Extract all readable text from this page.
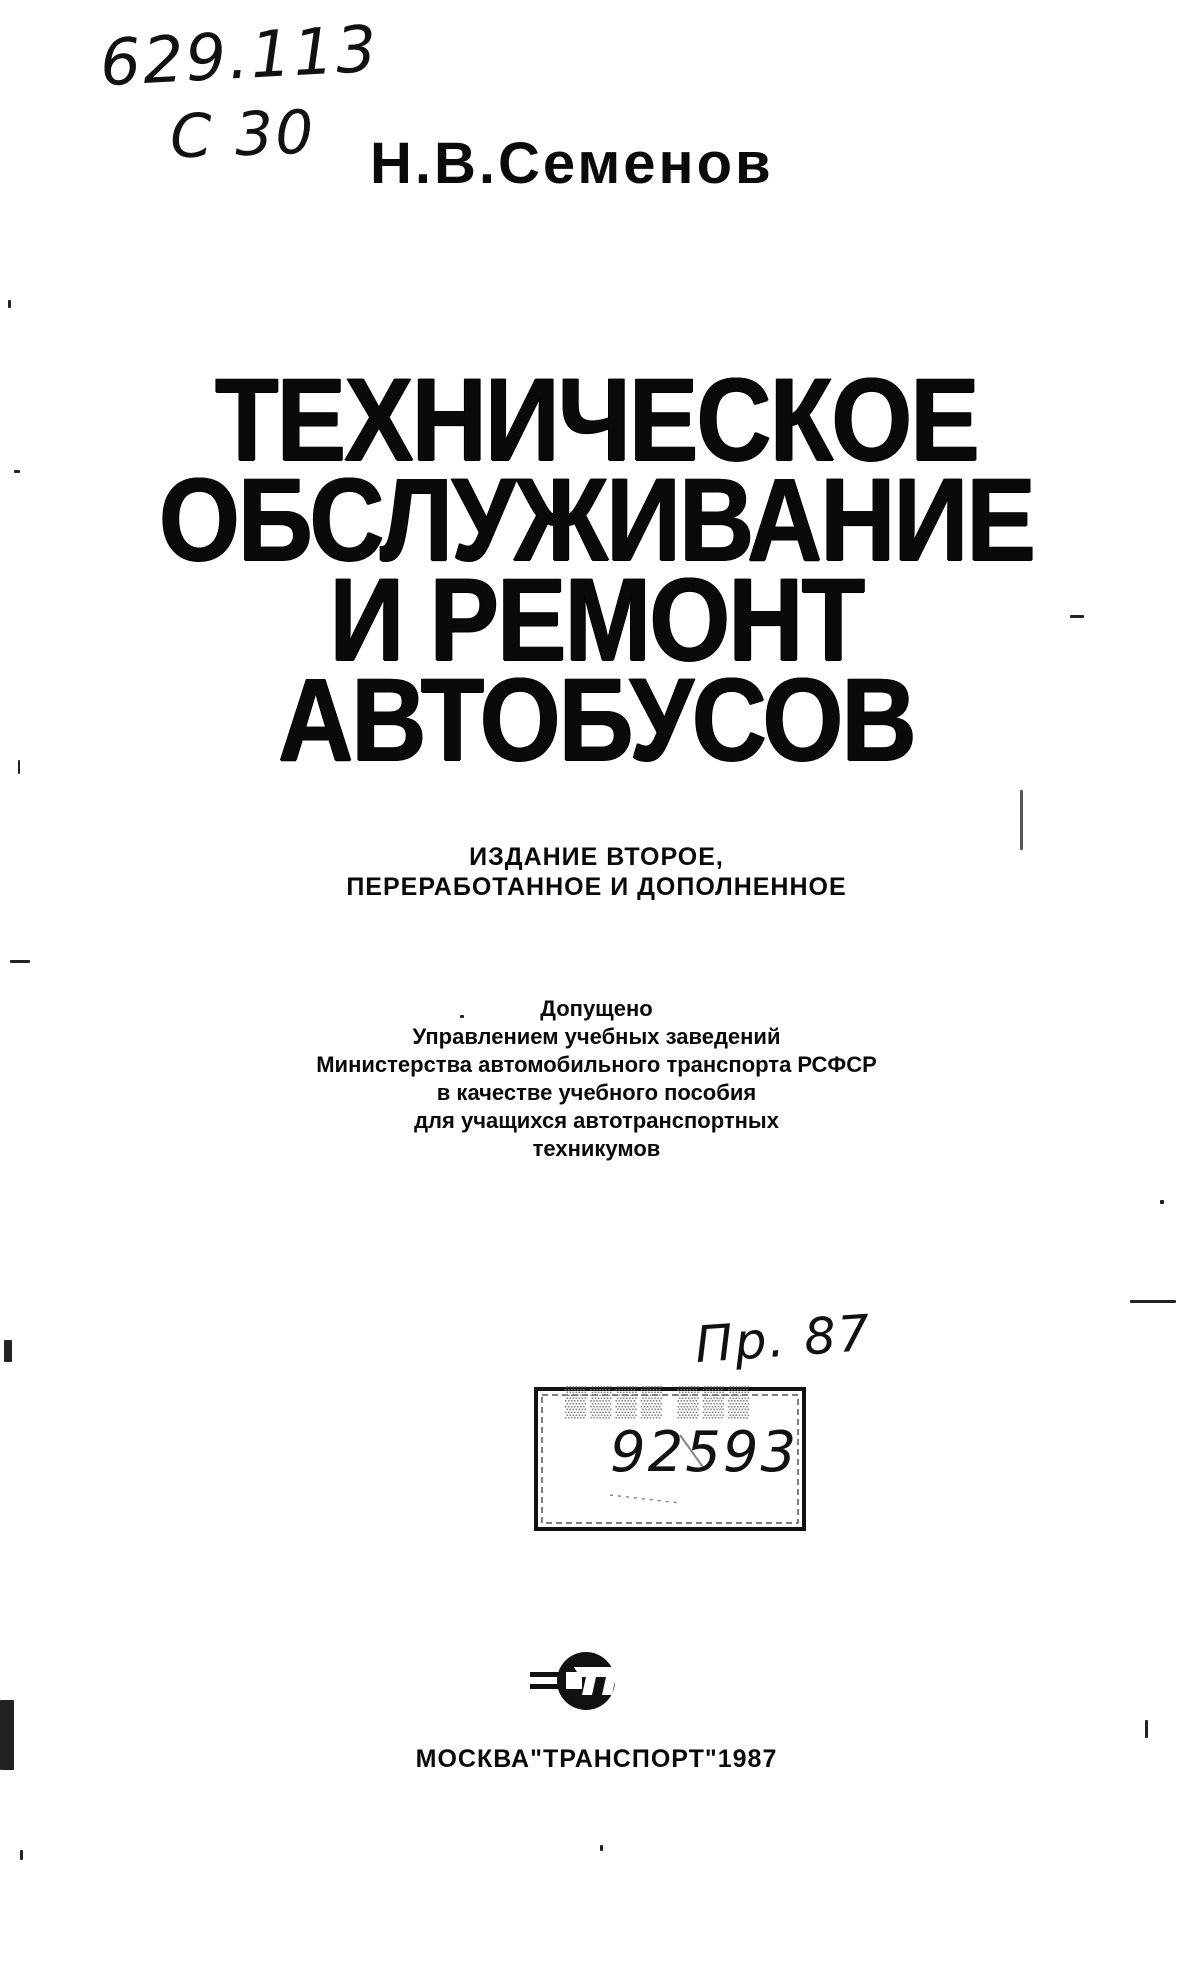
629.113
C 30 Н.В.Семенов
ТЕХНИЧЕСКОЕ
ОБСЛУЖИВАНИЕ
И РЕМОНТ
АВТОБУСОВ
ИЗДАНИЕ ВТОРОЕ,
ПЕРЕРАБОТАННОЕ И ДОПОЛНЕННОЕ
Допущено
Управлением учебных заведений
Министерства автомобильного транспорта РСФСР
в качестве учебного пособия
для учащихся автотранспортных
техникумов
▒▒▒▒ ▒▒▒
92593
Пр. 87
МОСКВА"ТРАНСПОРТ"1987
